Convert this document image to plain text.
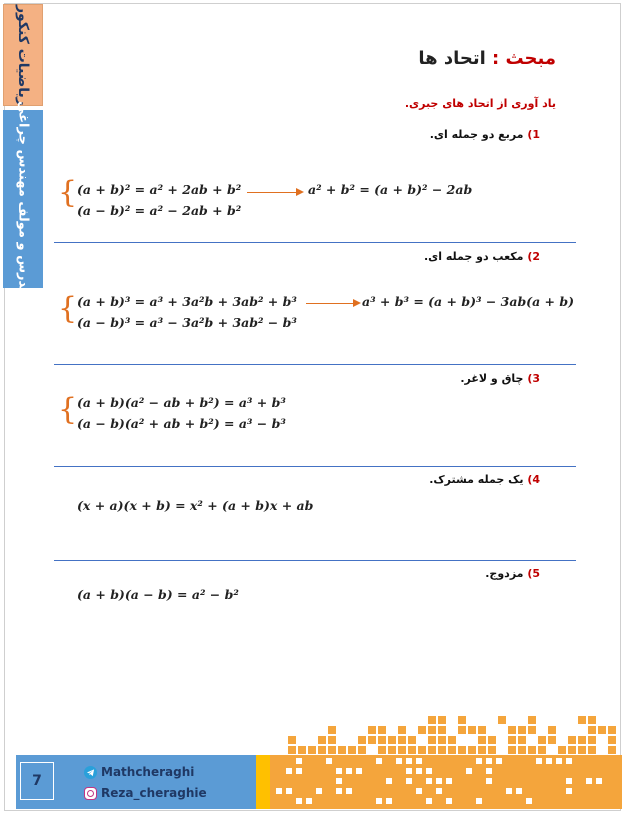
ریاضیات کنکور
مدرس و مولف مهندس چراغی
مبحث : اتحاد ها
یاد آوری از اتحاد های جبری.
1) مربع دو جمله ای.
{ (a + b)² = a² + 2ab + b²
(a − b)² = a² − 2ab + b²
a² + b² = (a + b)² − 2ab
2) مکعب دو جمله ای.
{ (a + b)³ = a³ + 3a²b + 3ab² + b³
(a − b)³ = a³ − 3a²b + 3ab² − b³
a³ + b³ = (a + b)³ − 3ab(a + b)
3) چاق و لاغر.
{ (a + b)(a² − ab + b²) = a³ + b³
(a − b)(a² + ab + b²) = a³ − b³
4) یک جمله مشترک.
(x + a)(x + b) = x² + (a + b)x + ab
5) مزدوج.
(a + b)(a − b) = a² − b²
7
Mathcheraghi
Reza_cheraghie
